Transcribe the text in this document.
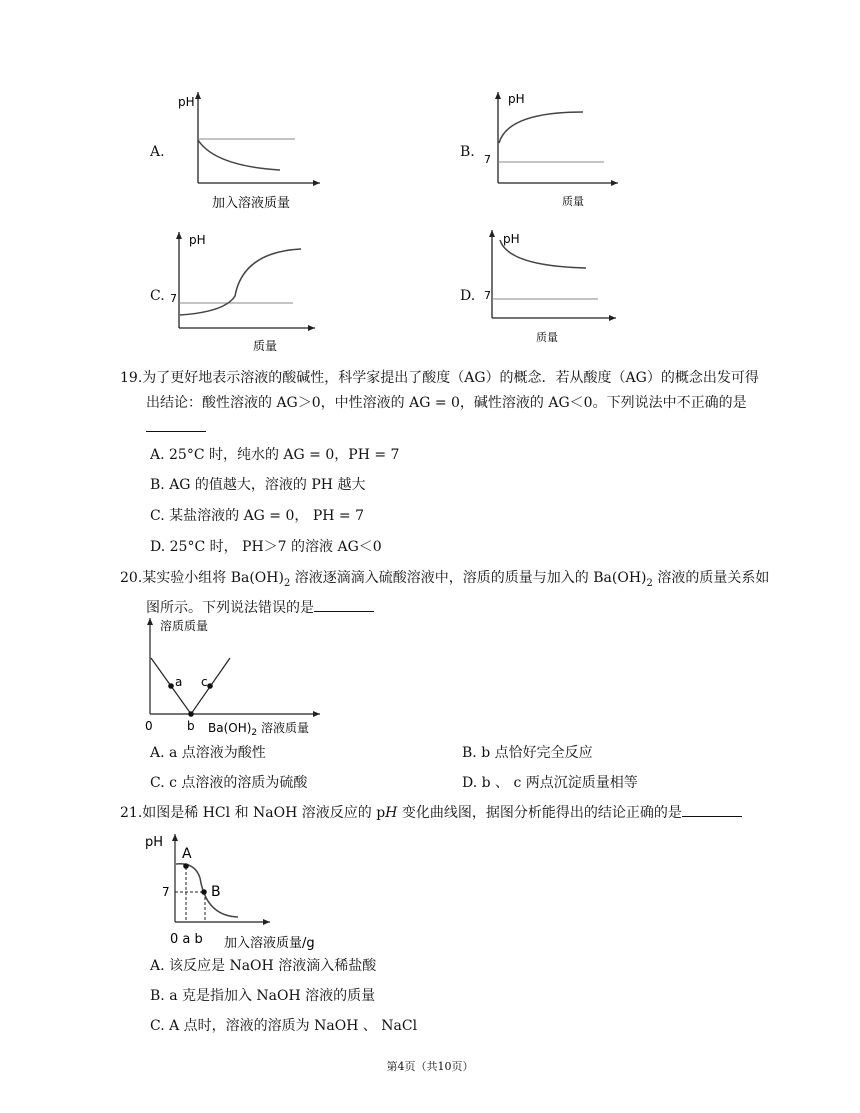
A.
pH
加入溶液质量
B.
pH
7
质量
C.
pH
7
质量
D.
pH
7
质量
19.为了更好地表示溶液的酸碱性，科学家提出了酸度（AG）的概念．若从酸度（AG）的概念出发可得出结论：酸性溶液的 AG＞0，中性溶液的 AG = 0，碱性溶液的 AG＜0。下列说法中不正确的是
A. 25°C 时，纯水的 AG = 0，PH = 7
B. AG 的值越大，溶液的 PH 越大
C. 某盐溶液的 AG = 0， PH = 7
D. 25°C 时， PH＞7 的溶液 AG＜0
20.某实验小组将 $Ba(OH)_2$ 溶液逐滴滴入硫酸溶液中，溶质的质量与加入的 $Ba(OH)_2$ 溶液的质量关系如图所示。下列说法错误的是
溶质质量
a c
0	b $Ba(OH)_2$ 溶液质量
A. a 点溶液为酸性	B. b 点恰好完全反应
C. c 点溶液的溶质为硫酸	D. b 、 c 两点沉淀质量相等
21.如图是稀 HCl 和 NaOH 溶液反应的 pH 变化曲线图，据图分析能得出的结论正确的是
pH
A
B
7
0 a b 加入溶液质量/g
A. 该反应是 NaOH 溶液滴入稀盐酸
B. a 克是指加入 NaOH 溶液的质量
C. A 点时，溶液的溶质为 NaOH 、 NaCl
第4页（共10页）
